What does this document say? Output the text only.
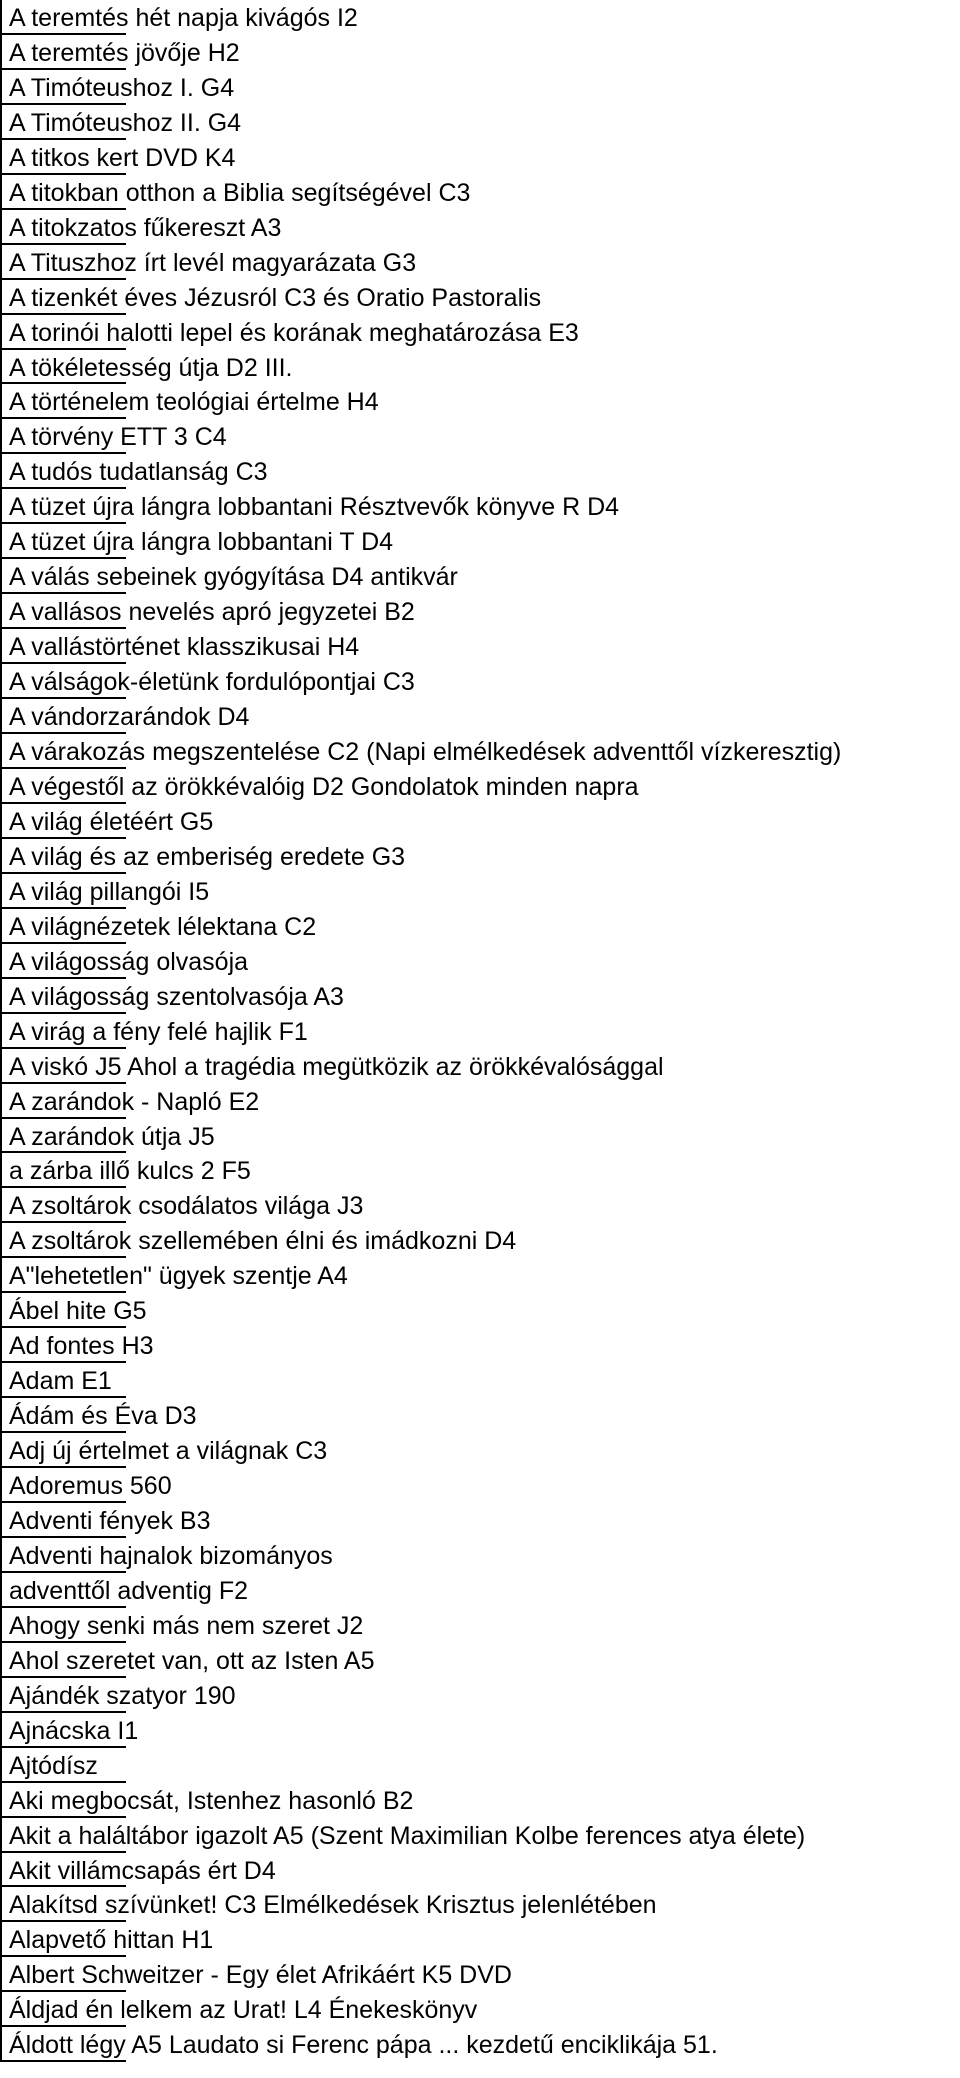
A teremtés hét napja kivágós I2
A teremtés jövője H2
A Timóteushoz I. G4
A Timóteushoz II. G4
A titkos kert DVD K4
A titokban otthon a Biblia segítségével C3
A titokzatos fűkereszt A3
A Tituszhoz írt levél magyarázata G3
A tizenkét éves Jézusról C3 és Oratio Pastoralis
A torinói halotti lepel és korának meghatározása E3
A tökéletesség útja D2 III.
A történelem teológiai értelme H4
A törvény ETT 3 C4
A tudós tudatlanság C3
A tüzet újra lángra lobbantani Résztvevők könyve R D4
A tüzet újra lángra lobbantani T D4
A válás sebeinek gyógyítása D4 antikvár
A vallásos nevelés apró jegyzetei B2
A vallástörténet klasszikusai H4
A válságok-életünk fordulópontjai C3
A vándorzarándok D4
A várakozás megszentelése C2 (Napi elmélkedések adventtől vízkeresztig)
A végestől az örökkévalóig D2 Gondolatok minden napra
A világ életéért G5
A világ és az emberiség eredete G3
A világ pillangói I5
A világnézetek lélektana C2
A világosság olvasója
A világosság szentolvasója A3
A virág a fény felé hajlik F1
A viskó J5 Ahol a tragédia megütközik az örökkévalósággal
A zarándok - Napló E2
A zarándok útja J5
a zárba illő kulcs 2 F5
A zsoltárok csodálatos világa J3
A zsoltárok szellemében élni és imádkozni D4
A"lehetetlen" ügyek szentje A4
Ábel hite G5
Ad fontes H3
Adam E1
Ádám és Éva D3
Adj új értelmet a világnak C3
Adoremus 560
Adventi fények B3
Adventi hajnalok bizományos
adventtől adventig F2
Ahogy senki más nem szeret J2
Ahol szeretet van, ott az Isten A5
Ajándék szatyor 190
Ajnácska I1
Ajtódísz
Aki megbocsát, Istenhez hasonló B2
Akit a haláltábor igazolt A5 (Szent Maximilian Kolbe ferences atya élete)
Akit villámcsapás ért D4
Alakítsd szívünket! C3 Elmélkedések Krisztus jelenlétében
Alapvető hittan H1
Albert Schweitzer - Egy élet Afrikáért K5 DVD
Áldjad én lelkem az Urat! L4 Énekeskönyv
Áldott légy A5 Laudato si Ferenc pápa ... kezdetű enciklikája 51.
